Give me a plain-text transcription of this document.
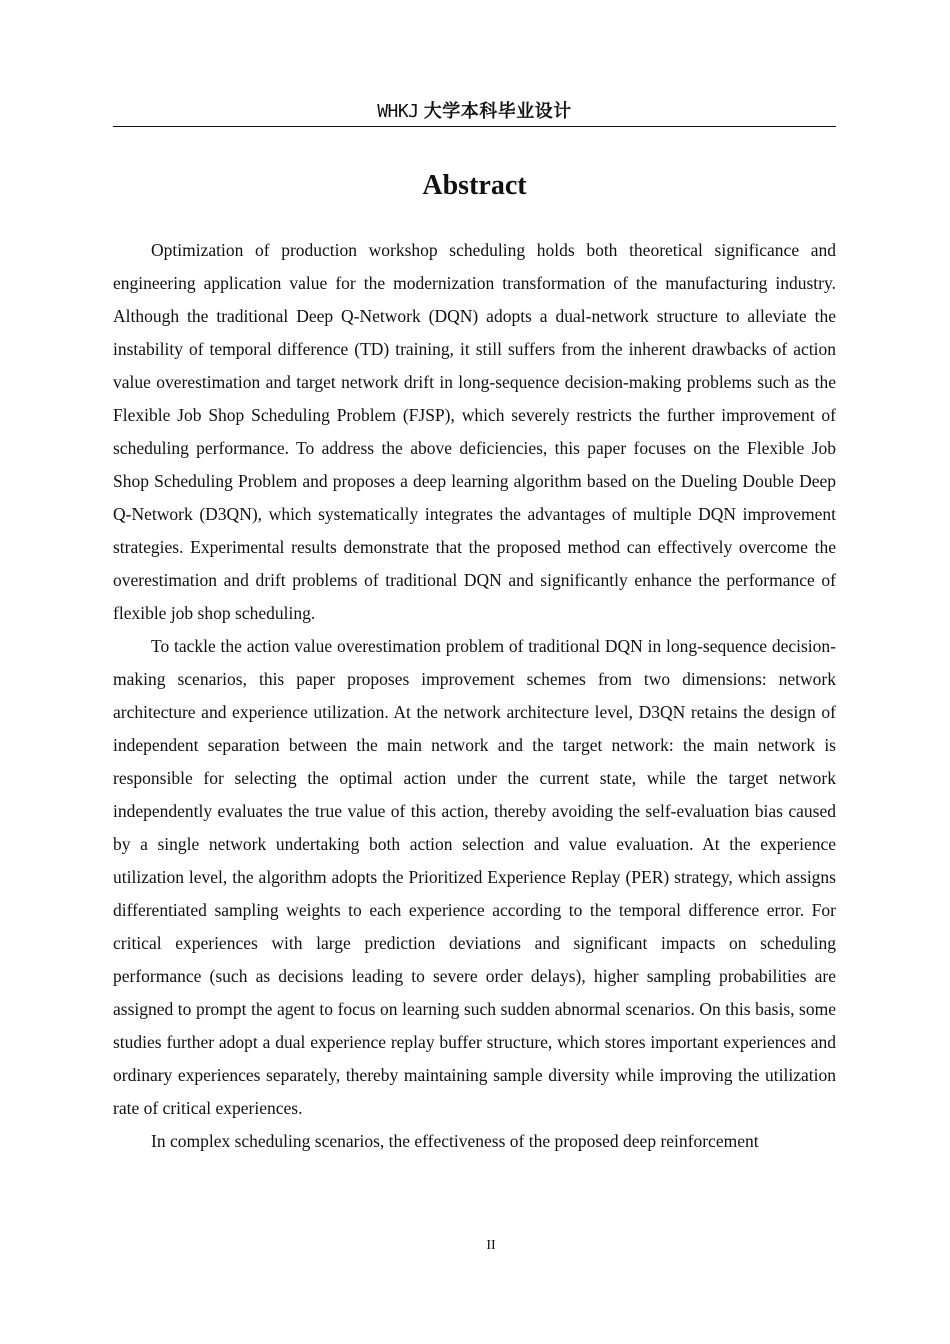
WHKJ 大学本科毕业设计
Abstract

Optimization of production workshop scheduling holds both theoretical significance and engineering application value for the modernization transformation of the manufacturing industry. Although the traditional Deep Q-Network (DQN) adopts a dual-network structure to alleviate the instability of temporal difference (TD) training, it still suffers from the inherent drawbacks of action value overestimation and target network drift in long-sequence decision-making problems such as the Flexible Job Shop Scheduling Problem (FJSP), which severely restricts the further improvement of scheduling performance. To address the above deficiencies, this paper focuses on the Flexible Job Shop Scheduling Problem and proposes a deep learning algorithm based on the Dueling Double Deep Q-Network (D3QN), which systematically integrates the advantages of multiple DQN improvement strategies. Experimental results demonstrate that the proposed method can effectively overcome the overestimation and drift problems of traditional DQN and significantly enhance the performance of flexible job shop scheduling.

To tackle the action value overestimation problem of traditional DQN in long-sequence decision-making scenarios, this paper proposes improvement schemes from two dimensions: network architecture and experience utilization. At the network architecture level, D3QN retains the design of independent separation between the main network and the target network: the main network is responsible for selecting the optimal action under the current state, while the target network independently evaluates the true value of this action, thereby avoiding the self-evaluation bias caused by a single network undertaking both action selection and value evaluation. At the experience utilization level, the algorithm adopts the Prioritized Experience Replay (PER) strategy, which assigns differentiated sampling weights to each experience according to the temporal difference error. For critical experiences with large prediction deviations and significant impacts on scheduling performance (such as decisions leading to severe order delays), higher sampling probabilities are assigned to prompt the agent to focus on learning such sudden abnormal scenarios. On this basis, some studies further adopt a dual experience replay buffer structure, which stores important experiences and ordinary experiences separately, thereby maintaining sample diversity while improving the utilization rate of critical experiences.

In complex scheduling scenarios, the effectiveness of the proposed deep reinforcement

II
